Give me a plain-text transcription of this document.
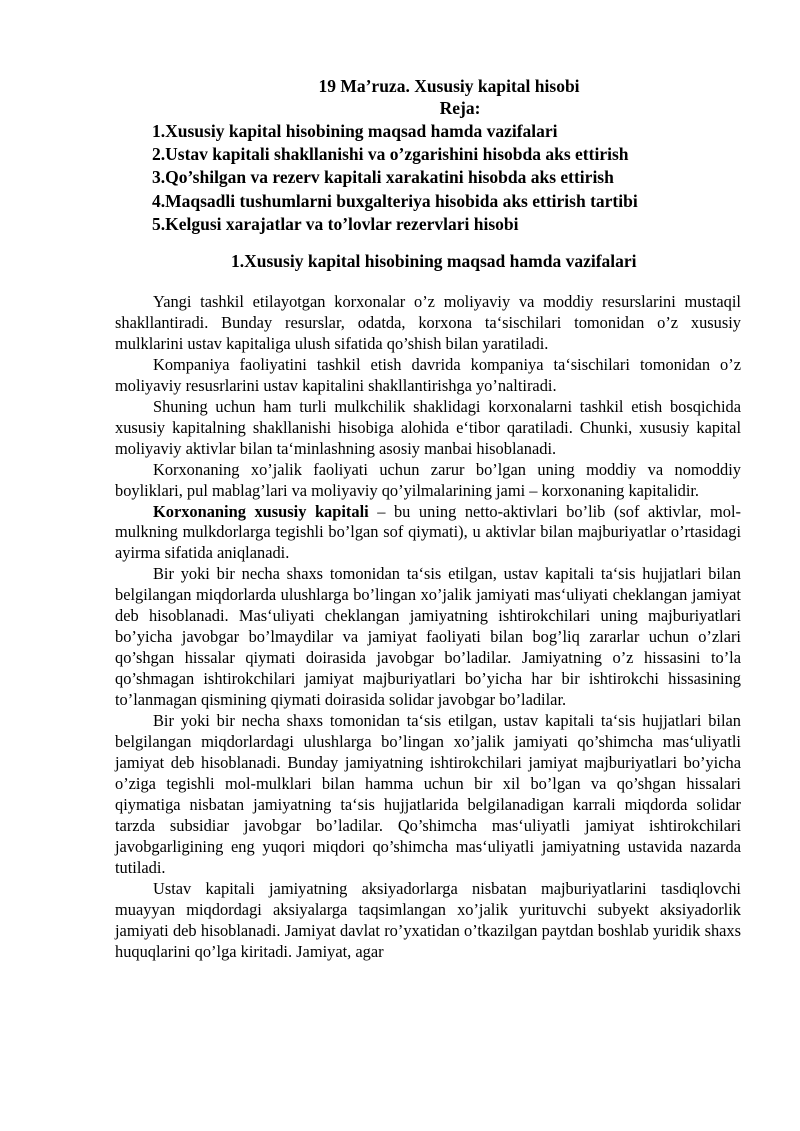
19 Ma’ruza. Xususiy kapital hisobi
Reja:
1.Xususiy kapital hisobining maqsad hamda vazifalari
2.Ustav kapitali shakllanishi va o’zgarishini hisobda aks ettirish
3.Qo’shilgan va rezerv kapitali xarakatini hisobda aks ettirish
4.Maqsadli tushumlarni buxgalteriya hisobida aks ettirish tartibi
5.Kelgusi xarajatlar va to’lovlar rezervlari hisobi
1.Xususiy kapital hisobining maqsad hamda vazifalari

Yangi tashkil etilayotgan korxonalar o’z moliyaviy va moddiy resurslarini mustaqil shakllantiradi. Bunday resurslar, odatda, korxona ta‘sischilari tomonidan o’z xususiy mulklarini ustav kapitaliga ulush sifatida qo’shish bilan yaratiladi.

Kompaniya faoliyatini tashkil etish davrida kompaniya ta‘sischilari tomonidan o’z moliyaviy resusrlarini ustav kapitalini shakllantirishga yo’naltiradi.

Shuning uchun ham turli mulkchilik shaklidagi korxonalarni tashkil etish bosqichida xususiy kapitalning shakllanishi hisobiga alohida e‘tibor qaratiladi. Chunki, xususiy kapital moliyaviy aktivlar bilan ta‘minlashning asosiy manbai hisoblanadi.

Korxonaning xo’jalik faoliyati uchun zarur bo’lgan uning moddiy va nomoddiy boyliklari, pul mablag’lari va moliyaviy qo’yilmalarining jami – korxonaning kapitalidir.

Korxonaning xususiy kapitali – bu uning netto-aktivlari bo’lib (sof aktivlar, mol-mulkning mulkdorlarga tegishli bo’lgan sof qiymati), u aktivlar bilan majburiyatlar o’rtasidagi ayirma sifatida aniqlanadi.

Bir yoki bir necha shaxs tomonidan ta‘sis etilgan, ustav kapitali ta‘sis hujjatlari bilan belgilangan miqdorlarda ulushlarga bo’lingan xo’jalik jamiyati mas‘uliyati cheklangan jamiyat deb hisoblanadi. Mas‘uliyati cheklangan jamiyatning ishtirokchilari uning majburiyatlari bo’yicha javobgar bo’lmaydilar va jamiyat faoliyati bilan bog’liq zararlar uchun o’zlari qo’shgan hissalar qiymati doirasida javobgar bo’ladilar. Jamiyatning o’z hissasini to’la qo’shmagan ishtirokchilari jamiyat majburiyatlari bo’yicha har bir ishtirokchi hissasining to’lanmagan qismining qiymati doirasida solidar javobgar bo’ladilar.

Bir yoki bir necha shaxs tomonidan ta‘sis etilgan, ustav kapitali ta‘sis hujjatlari bilan belgilangan miqdorlardagi ulushlarga bo’lingan xo’jalik jamiyati qo’shimcha mas‘uliyatli jamiyat deb hisoblanadi. Bunday jamiyatning ishtirokchilari jamiyat majburiyatlari bo’yicha o’ziga tegishli mol-mulklari bilan hamma uchun bir xil bo’lgan va qo’shgan hissalari qiymatiga nisbatan jamiyatning ta‘sis hujjatlarida belgilanadigan karrali miqdorda solidar tarzda subsidiar javobgar bo’ladilar. Qo’shimcha mas‘uliyatli jamiyat ishtirokchilari javobgarligining eng yuqori miqdori qo’shimcha mas‘uliyatli jamiyatning ustavida nazarda tutiladi.

Ustav kapitali jamiyatning aksiyadorlarga nisbatan majburiyatlarini tasdiqlovchi muayyan miqdordagi aksiyalarga taqsimlangan xo’jalik yurituvchi subyekt aksiyadorlik jamiyati deb hisoblanadi. Jamiyat davlat ro’yxatidan o’tkazilgan paytdan boshlab yuridik shaxs huquqlarini qo’lga kiritadi. Jamiyat, agar
